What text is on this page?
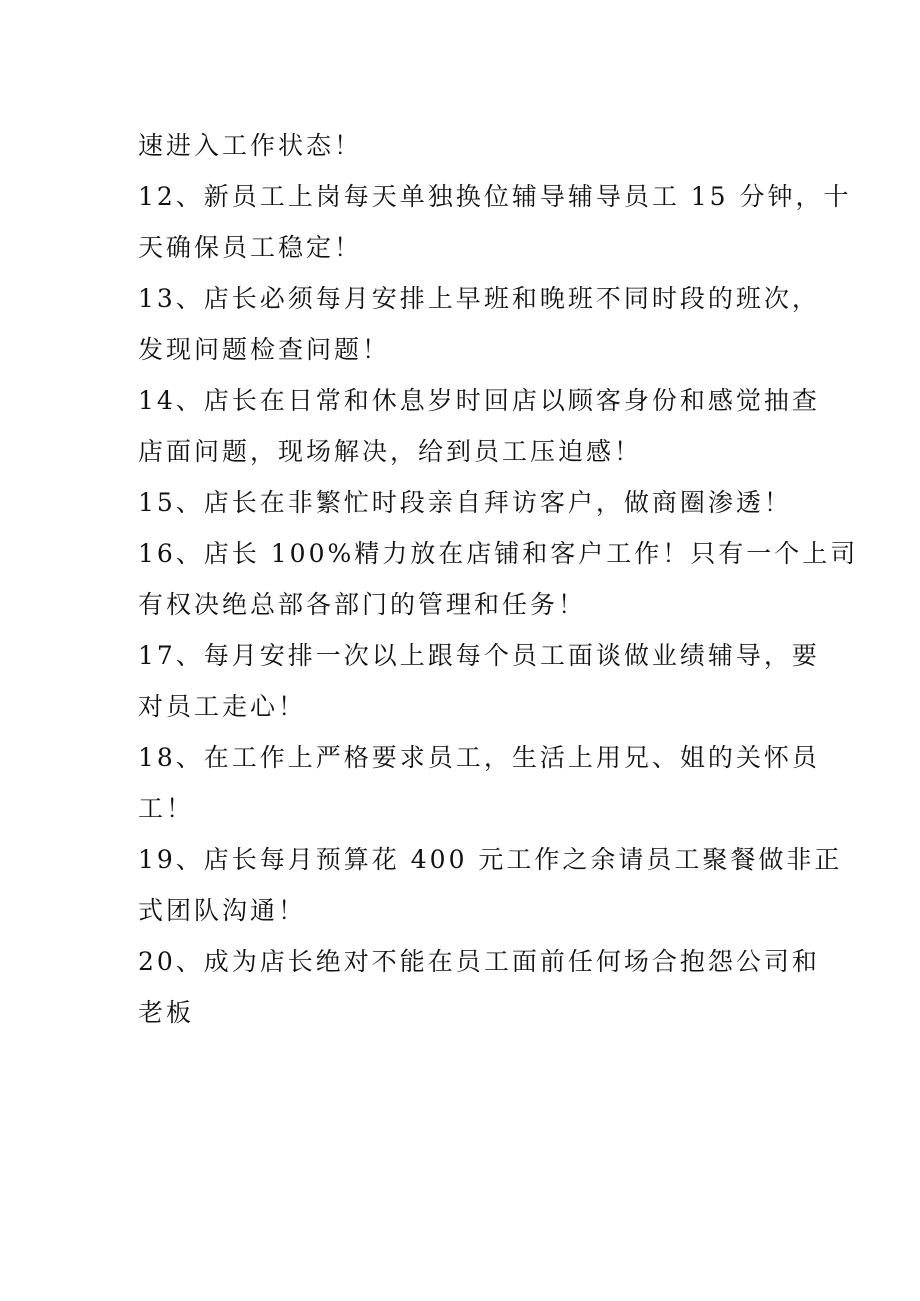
速进入工作状态！
12、新员工上岗每天单独换位辅导辅导员工 15 分钟，十
天确保员工稳定！
13、店长必须每月安排上早班和晚班不同时段的班次，
发现问题检查问题！
14、店长在日常和休息岁时回店以顾客身份和感觉抽查
店面问题，现场解决，给到员工压迫感！
15、店长在非繁忙时段亲自拜访客户，做商圈渗透！
16、店长 100%精力放在店铺和客户工作！只有一个上司
有权决绝总部各部门的管理和任务！
17、每月安排一次以上跟每个员工面谈做业绩辅导，要
对员工走心！
18、在工作上严格要求员工，生活上用兄、姐的关怀员
工！
19、店长每月预算花 400 元工作之余请员工聚餐做非正
式团队沟通！
20、成为店长绝对不能在员工面前任何场合抱怨公司和
老板
